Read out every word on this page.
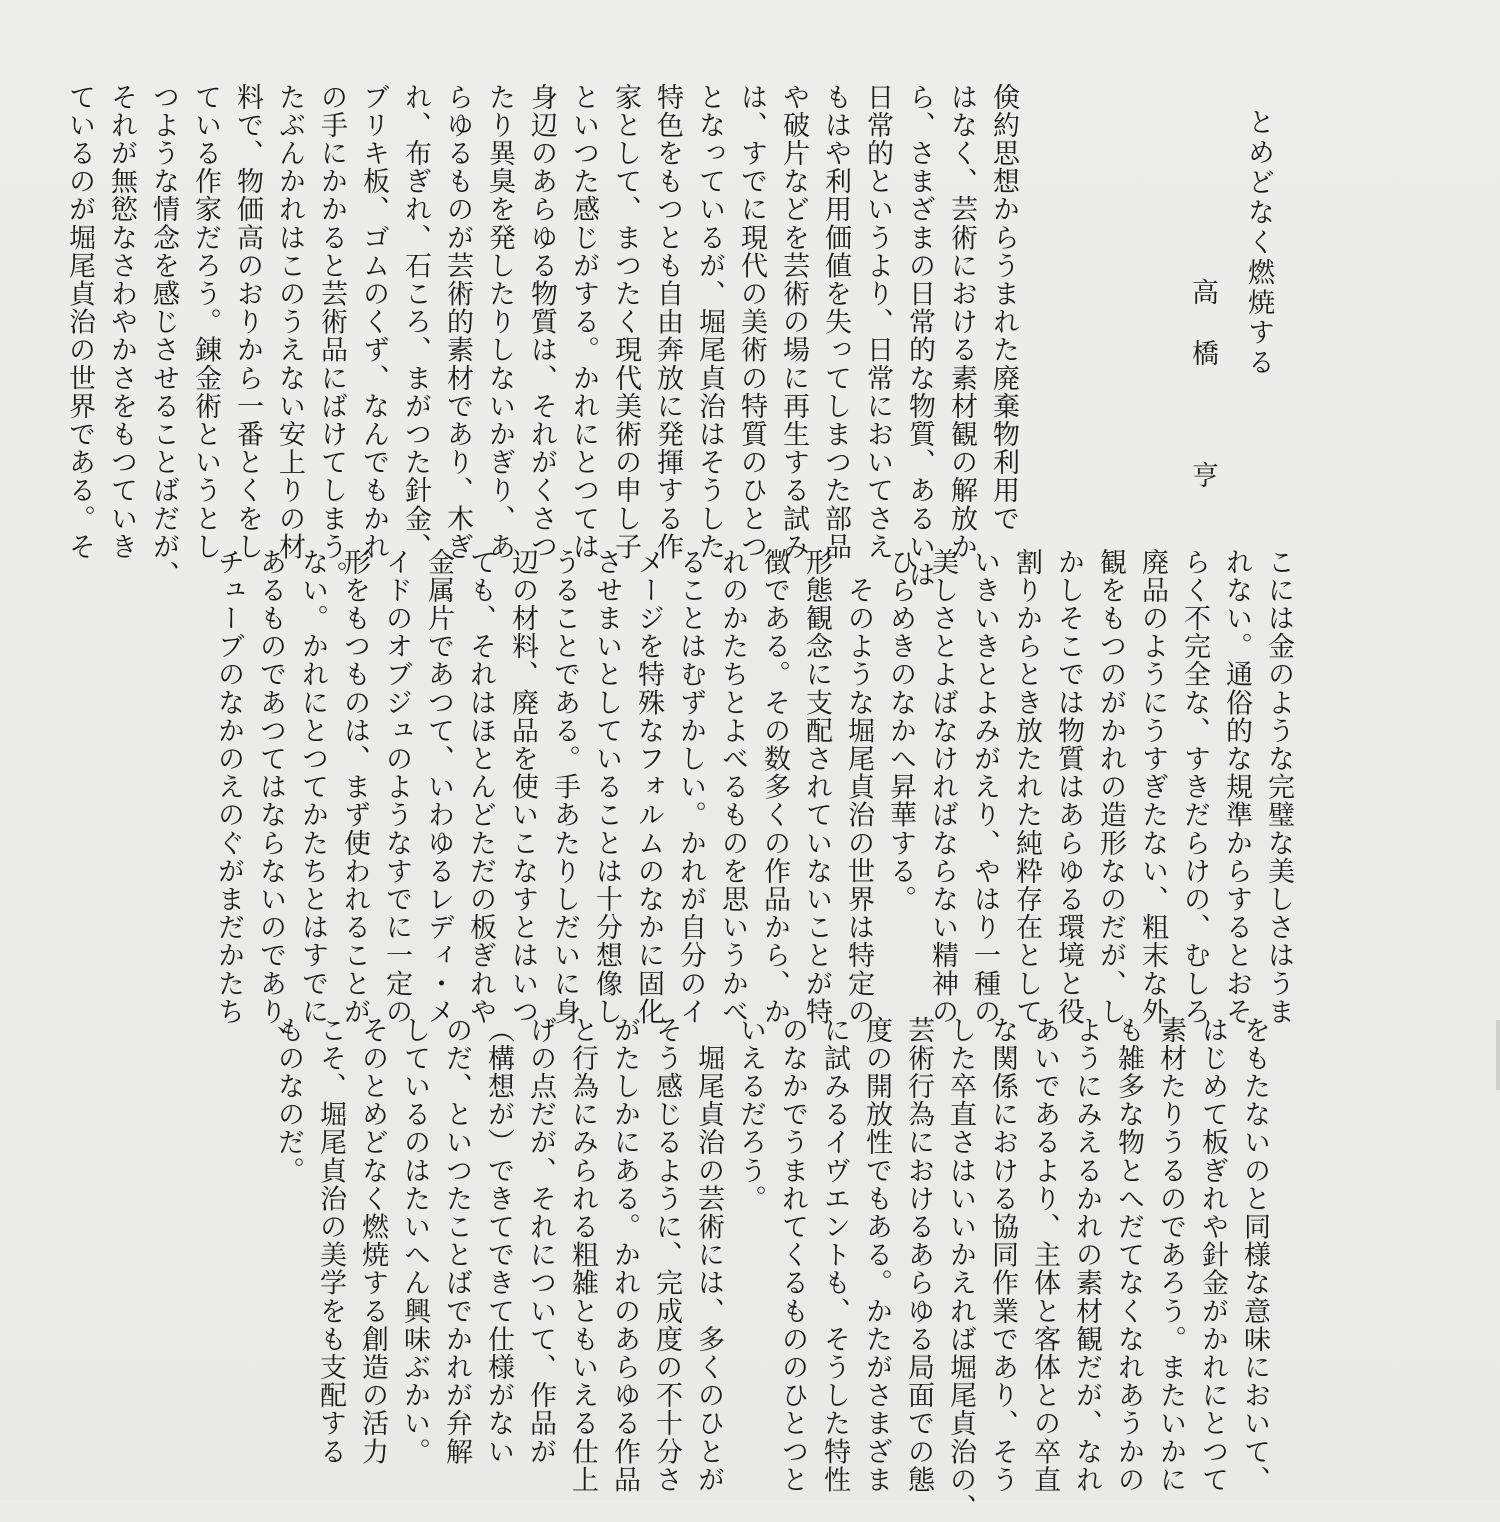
とめどなく燃焼する
高橋　亨
倹約思想からうまれた廃棄物利用で
はなく、芸術における素材観の解放か
ら、さまざまの日常的な物質、あるいは
日常的というより、日常においてさえ
もはや利用価値を失ってしまつた部品
や破片などを芸術の場に再生する試み
は、すでに現代の美術の特質のひとつ
となっているが、堀尾貞治はそうした
特色をもつとも自由奔放に発揮する作
家として、まつたく現代美術の申し子
といつた感じがする。かれにとつては
身辺のあらゆる物質は、それがくさつ
たり異臭を発したりしないかぎり、あ
らゆるものが芸術的素材であり、木ぎ
れ、布ぎれ、石ころ、まがつた針金、
ブリキ板、ゴムのくず、なんでもかれ
の手にかかると芸術品にばけてしまう。
たぶんかれはこのうえない安上りの材
料で、物価高のおりから一番とくをし
ている作家だろう。錬金術というとし
つような情念を感じさせることばだが、
それが無慾なさわやかさをもつていき
ているのが堀尾貞治の世界である。そ
こには金のような完璧な美しさはうま
れない。通俗的な規準からするとおそ
らく不完全な、すきだらけの、むしろ
廃品のようにうすぎたない、粗末な外
観をもつのがかれの造形なのだが、し
かしそこでは物質はあらゆる環境と役
割りからとき放たれた純粋存在として
いきいきとよみがえり、やはり一種の
美しさとよばなければならない精神の
ひらめきのなかへ昇華する。
　そのような堀尾貞治の世界は特定の
形態観念に支配されていないことが特
徴である。その数多くの作品から、か
れのかたちとよべるものを思いうかべ
ることはむずかしい。かれが自分のイ
メージを特殊なフォルムのなかに固化
させまいとしていることは十分想像し
うることである。手あたりしだいに身
辺の材料、廃品を使いこなすとはいつ
ても、それはほとんどただの板ぎれや
金属片であつて、いわゆるレディ・メ
イドのオブジュのようなすでに一定の
形をもつものは、まず使われることが
ない。かれにとつてかたちとはすでに
あるものであつてはならないのであり、
チューブのなかのえのぐがまだかたち
をもたないのと同様な意味において、
はじめて板ぎれや針金がかれにとつて
素材たりうるのであろう。またいかに
も雑多な物とへだてなくなれあうかの
ようにみえるかれの素材観だが、なれ
あいであるより、主体と客体との卒直
な関係における協同作業であり、そう
した卒直さはいいかえれば堀尾貞治の、
芸術行為におけるあらゆる局面での態
度の開放性でもある。かたがさまざま
に試みるイヴエントも、そうした特性
のなかでうまれてくるもののひとつと
いえるだろう。
　堀尾貞治の芸術には、多くのひとが
そう感じるように、完成度の不十分さ
がたしかにある。かれのあらゆる作品
と行為にみられる粗雑ともいえる仕上
げの点だが、それについて、作品が
（構想が）できてできて仕様がない
のだ、といつたことばでかれが弁解
しているのはたいへん興味ぶかい。
そのとめどなく燃焼する創造の活力
こそ、堀尾貞治の美学をも支配する
ものなのだ。
